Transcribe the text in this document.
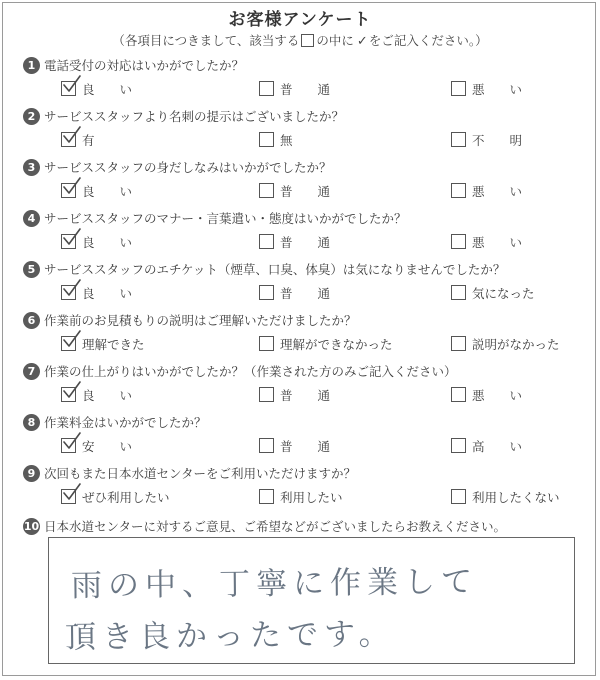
お客様アンケート
（各項目につきまして、該当する の中に ✓をご記入ください。）
1 電話受付の対応はいかがでしたか？
良　　い	普　　通	悪　　い
2 サービススタッフより名刺の提示はございましたか？
有	無	不　　明
3 サービススタッフの身だしなみはいかがでしたか？
良　　い	普　　通	悪　　い
4 サービススタッフのマナー・言葉遣い・態度はいかがでしたか？
良　　い	普　　通	悪　　い
5 サービススタッフのエチケット（煙草、口臭、体臭）は気になりませんでしたか？
良　　い	普　　通	気になった
6 作業前のお見積もりの説明はご理解いただけましたか？
理解できた	理解ができなかった	説明がなかった
7 作業の仕上がりはいかがでしたか？（作業された方のみご記入ください）
良　　い	普　　通	悪　　い
8 作業料金はいかがでしたか？
安　　い	普　　通	高　　い
9 次回もまた日本水道センターをご利用いただけますか？
ぜひ利用したい	利用したい	利用したくない
10 日本水道センターに対するご意見、ご希望などがございましたらお教えください。
雨の中、丁寧に作業して
頂き良かったです。
